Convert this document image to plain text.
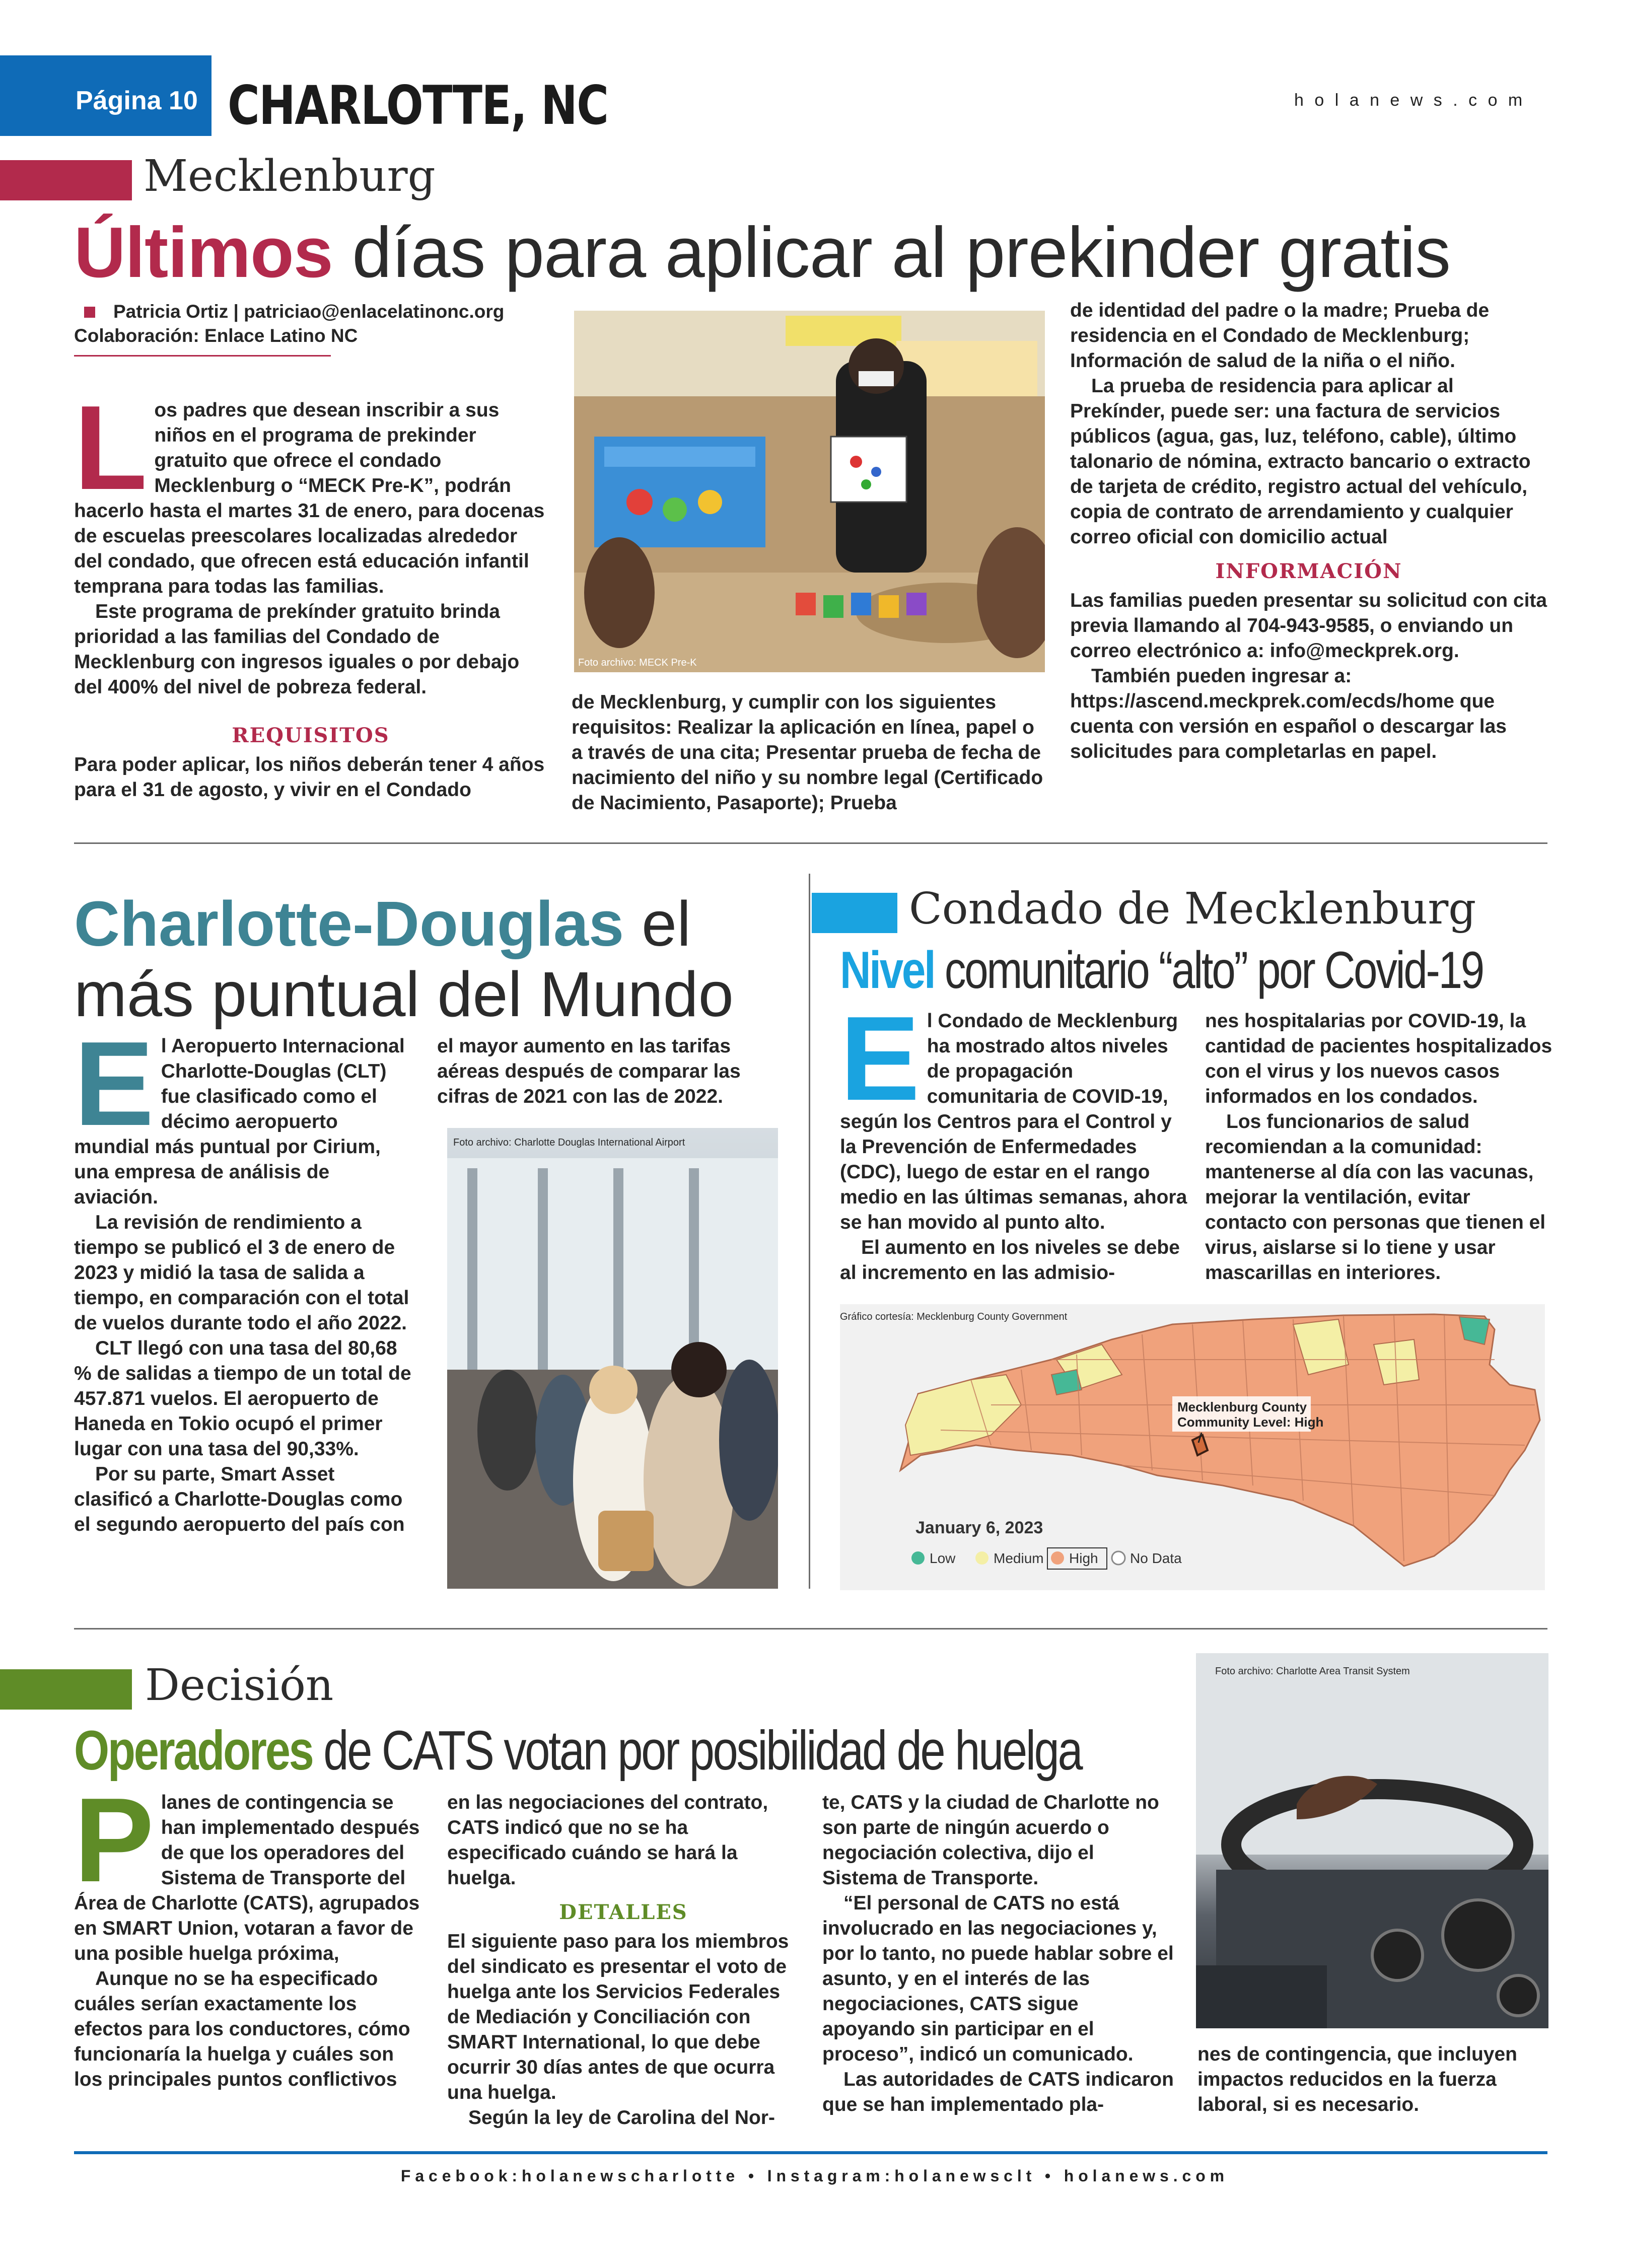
Página 10 CHARLOTTE, NC	h o l a n e w s . c o m
Mecklenburg
Últimos días para aplicar al prekinder gratis
Patricia Ortiz | patriciao@enlacelatinonc.org
Colaboración: Enlace Latino NC
L os padres que desean inscribir a sus niños en el programa de prekinder gratuito que ofrece el condado Mecklenburg o “MECK Pre-K”, podrán hacerlo hasta el martes 31 de enero, para docenas de escuelas preescolares localizadas alrededor del condado, que ofrecen está educación infantil temprana para todas las familias.

Este programa de prekínder gratuito brinda prioridad a las familias del Condado de Mecklenburg con ingresos iguales o por debajo del 400% del nivel de pobreza federal.

REQUISITOS

Para poder aplicar, los niños deberán tener 4 años para el 31 de agosto, y vivir en el Condado

Foto archivo: MECK Pre-K

de Mecklenburg, y cumplir con los siguientes requisitos: Realizar la aplicación en línea, papel o a través de una cita; Presentar prueba de fecha de nacimiento del niño y su nombre legal (Certificado de Nacimiento, Pasaporte); Prueba

de identidad del padre o la madre; Prueba de residencia en el Condado de Mecklenburg; Información de salud de la niña o el niño.

La prueba de residencia para aplicar al Prekínder, puede ser: una factura de servicios públicos (agua, gas, luz, teléfono, cable), último talonario de nómina, extracto bancario o extracto de tarjeta de crédito, registro actual del vehículo, copia de contrato de arrendamiento y cualquier correo oficial con domicilio actual

INFORMACIÓN

Las familias pueden presentar su solicitud con cita previa llamando al 704-943-9585, o enviando un correo electrónico a: info@meckprek.org.

También pueden ingresar a: https://ascend.meckprek.com/ecds/home que cuenta con versión en español o descargar las solicitudes para completarlas en papel.

Charlotte-Douglas el
más puntual del Mundo
E l Aeropuerto Internacional Charlotte-Douglas (CLT) fue clasificado como el décimo aeropuerto mundial más puntual por Cirium, una empresa de análisis de aviación.

La revisión de rendimiento a tiempo se publicó el 3 de enero de 2023 y midió la tasa de salida a tiempo, en comparación con el total de vuelos durante todo el año 2022.

CLT llegó con una tasa del 80,68 % de salidas a tiempo de un total de 457.871 vuelos. El aeropuerto de Haneda en Tokio ocupó el primer lugar con una tasa del 90,33%.

Por su parte, Smart Asset clasificó a Charlotte-Douglas como el segundo aeropuerto del país con

el mayor aumento en las tarifas aéreas después de comparar las cifras de 2021 con las de 2022.

Foto archivo: Charlotte Douglas International Airport
Condado de Mecklenburg
Nivel comunitario “alto” por Covid-19
E l Condado de Mecklenburg ha mostrado altos niveles de propagación comunitaria de COVID-19, según los Centros para el Control y la Prevención de Enfermedades (CDC), luego de estar en el rango medio en las últimas semanas, ahora se han movido al punto alto.

El aumento en los niveles se debe al incremento en las admisio-

nes hospitalarias por COVID-19, la cantidad de pacientes hospitalizados con el virus y los nuevos casos informados en los condados.

Los funcionarios de salud recomiendan a la comunidad: mantenerse al día con las vacunas, mejorar la ventilación, evitar contacto con personas que tienen el virus, aislarse si lo tiene y usar mascarillas en interiores.

Gráfico cortesía: Mecklenburg County Government
Mecklenburg County
Community Level: High
January 6, 2023
Low	Medium High No Data
Decisión
Operadores de CATS votan por posibilidad de huelga
P lanes de contingencia se han implementado después de que los operadores del Sistema de Transporte del Área de Charlotte (CATS), agrupados en SMART Union, votaran a favor de una posible huelga próxima,

Aunque no se ha especificado cuáles serían exactamente los efectos para los conductores, cómo funcionaría la huelga y cuáles son los principales puntos conflictivos

en las negociaciones del contrato, CATS indicó que no se ha especificado cuándo se hará la huelga.

DETALLES

El siguiente paso para los miembros del sindicato es presentar el voto de huelga ante los Servicios Federales de Mediación y Conciliación con SMART International, lo que debe ocurrir 30 días antes de que ocurra una huelga.

Según la ley de Carolina del Nor-

te, CATS y la ciudad de Charlotte no son parte de ningún acuerdo o negociación colectiva, dijo el Sistema de Transporte.

“El personal de CATS no está involucrado en las negociaciones y, por lo tanto, no puede hablar sobre el asunto, y en el interés de las negociaciones, CATS sigue apoyando sin participar en el proceso”, indicó un comunicado.

Las autoridades de CATS indicaron que se han implementado pla-

Foto archivo: Charlotte Area Transit System

nes de contingencia, que incluyen impactos reducidos en la fuerza laboral, si es necesario.

F a c e b o o k : h o l a n e w s c h a r l o t t e   •   I n s t a g r a m : h o l a n e w s c l t   •   h o l a n e w s . c o m
